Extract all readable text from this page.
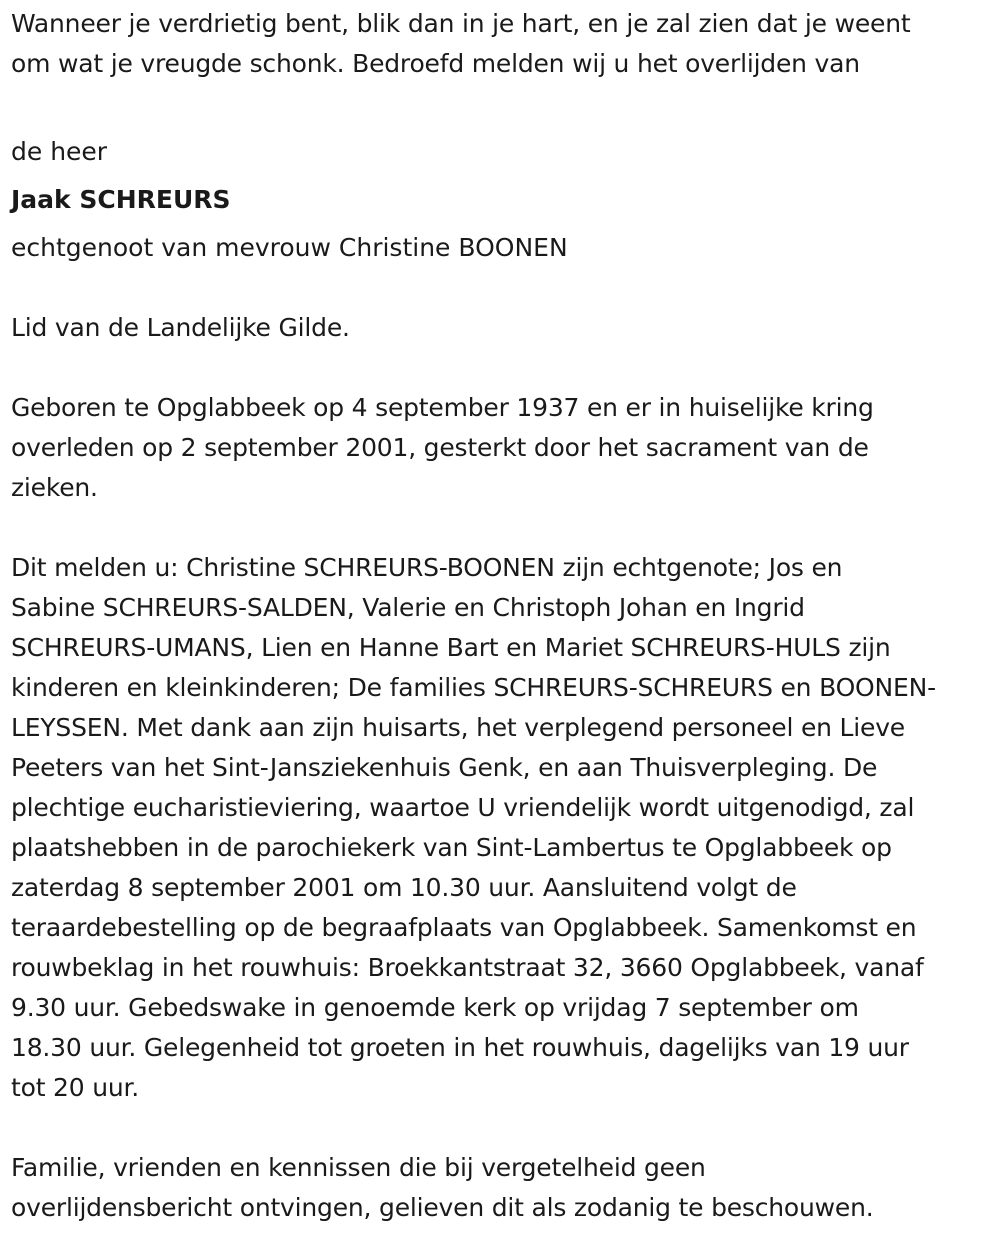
Wanneer je verdrietig bent, blik dan in je hart, en je zal zien dat je weent
om wat je vreugde schonk. Bedroefd melden wij u het overlijden van

de heer

Jaak SCHREURS

echtgenoot van mevrouw Christine BOONEN

Lid van de Landelijke Gilde.

Geboren te Opglabbeek op 4 september 1937 en er in huiselijke kring
overleden op 2 september 2001, gesterkt door het sacrament van de
zieken.

Dit melden u: Christine SCHREURS-BOONEN zijn echtgenote; Jos en
Sabine SCHREURS-SALDEN, Valerie en Christoph Johan en Ingrid
SCHREURS-UMANS, Lien en Hanne Bart en Mariet SCHREURS-HULS zijn
kinderen en kleinkinderen; De families SCHREURS-SCHREURS en BOONEN-
LEYSSEN. Met dank aan zijn huisarts, het verplegend personeel en Lieve
Peeters van het Sint-Jansziekenhuis Genk, en aan Thuisverpleging. De
plechtige eucharistieviering, waartoe U vriendelijk wordt uitgenodigd, zal
plaatshebben in de parochiekerk van Sint-Lambertus te Opglabbeek op
zaterdag 8 september 2001 om 10.30 uur. Aansluitend volgt de
teraardebestelling op de begraafplaats van Opglabbeek. Samenkomst en
rouwbeklag in het rouwhuis: Broekkantstraat 32, 3660 Opglabbeek, vanaf
9.30 uur. Gebedswake in genoemde kerk op vrijdag 7 september om
18.30 uur. Gelegenheid tot groeten in het rouwhuis, dagelijks van 19 uur
tot 20 uur.

Familie, vrienden en kennissen die bij vergetelheid geen
overlijdensbericht ontvingen, gelieven dit als zodanig te beschouwen.
